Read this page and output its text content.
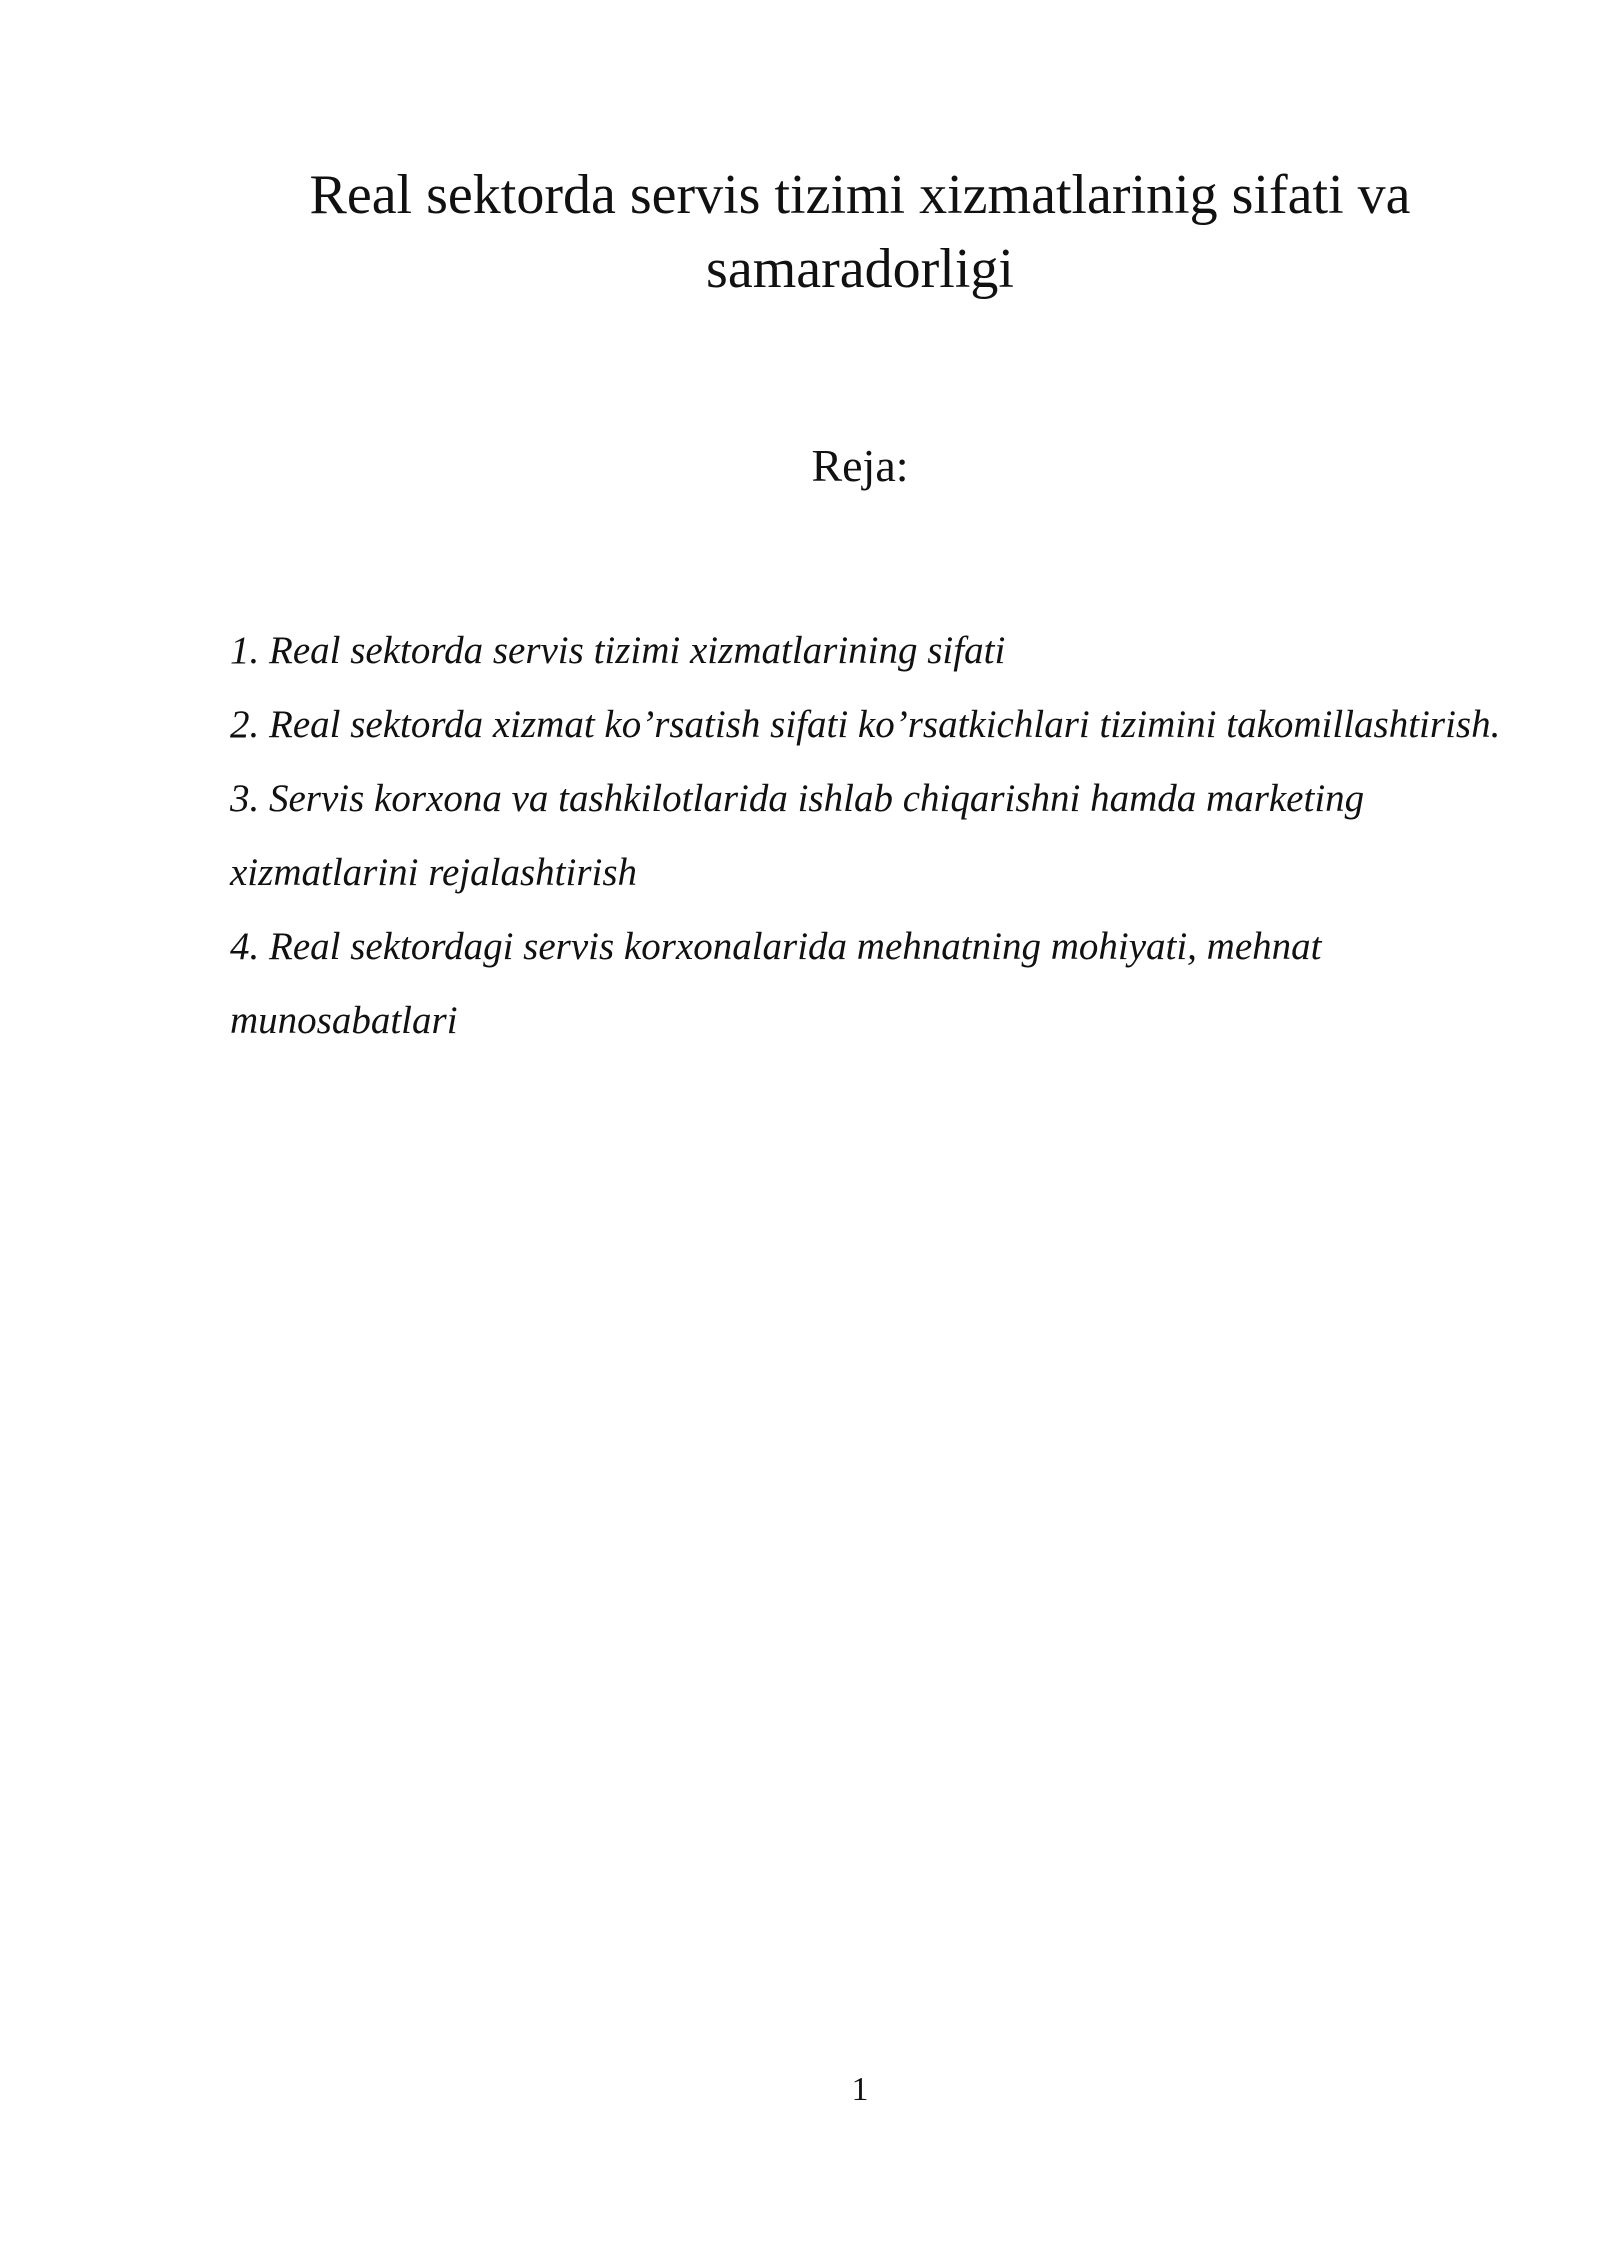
Real sektorda servis tizimi xizmatlarinig sifati va samaradorligi
Reja:
1. Real sektorda servis tizimi xizmatlarining sifati
2. Real sektorda xizmat ko’rsatish sifati ko’rsatkichlari tizimini takomillashtirish.
3. Servis korxona va tashkilotlarida ishlab chiqarishni hamda marketing xizmatlarini rejalashtirish
4. Real sektordagi servis korxonalarida mehnatning mohiyati, mehnat munosabatlari
1
